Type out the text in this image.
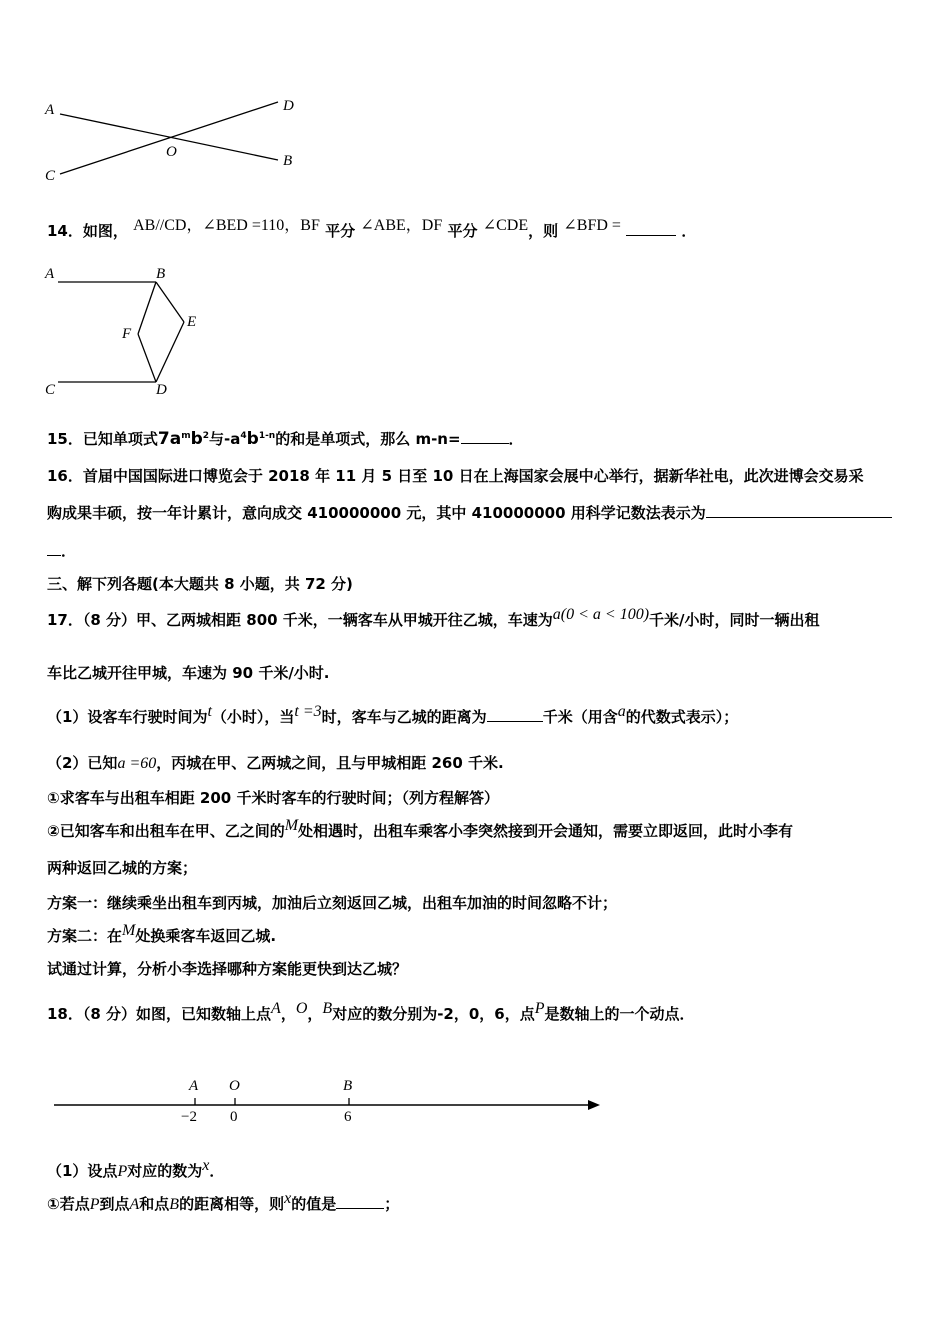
A	D
C
B
O
14．如图， AB//CD，∠BED =110，BF 平分 ∠ABE，DF 平分 ∠CDE，则 ∠BFD =	．
A	B
F
E
C	D
15．已知单项式$7a^mb^2$与$-a^4b^{1-n}$的和是单项式，那么 m-n=	．
16．首届中国国际进口博览会于 2018 年 11 月 5 日至 10 日在上海国家会展中心举行，据新华社电，此次进博会交易采
购成果丰硕，按一年计累计，意向成交 410000000 元，其中 410000000 用科学记数法表示为
．
三、解下列各题(本大题共 8 小题，共 72 分)
17．（8 分）甲、乙两城相距 800 千米，一辆客车从甲城开往乙城，车速为a(0 < a < 100)千米/小时，同时一辆出租
车比乙城开往甲城，车速为 90 千米/小时.
（1）设客车行驶时间为t（小时），当t =3时，客车与乙城的距离为	千米（用含a的代数式表示）；
（2）已知a =60，丙城在甲、乙两城之间，且与甲城相距 260 千米.
①求客车与出租车相距 200 千米时客车的行驶时间；（列方程解答）
②已知客车和出租车在甲、乙之间的M处相遇时，出租车乘客小李突然接到开会通知，需要立即返回，此时小李有
两种返回乙城的方案；
方案一：继续乘坐出租车到丙城，加油后立刻返回乙城，出租车加油的时间忽略不计；
方案二：在M处换乘客车返回乙城.
试通过计算，分析小李选择哪种方案能更快到达乙城？
18．（8 分）如图，已知数轴上点A，O，B对应的数分别为-2，0，6，点P是数轴上的一个动点．
A O	B
−2 0	6
（1）设点P对应的数为x．
①若点P到点A和点B的距离相等，则x的值是	；
